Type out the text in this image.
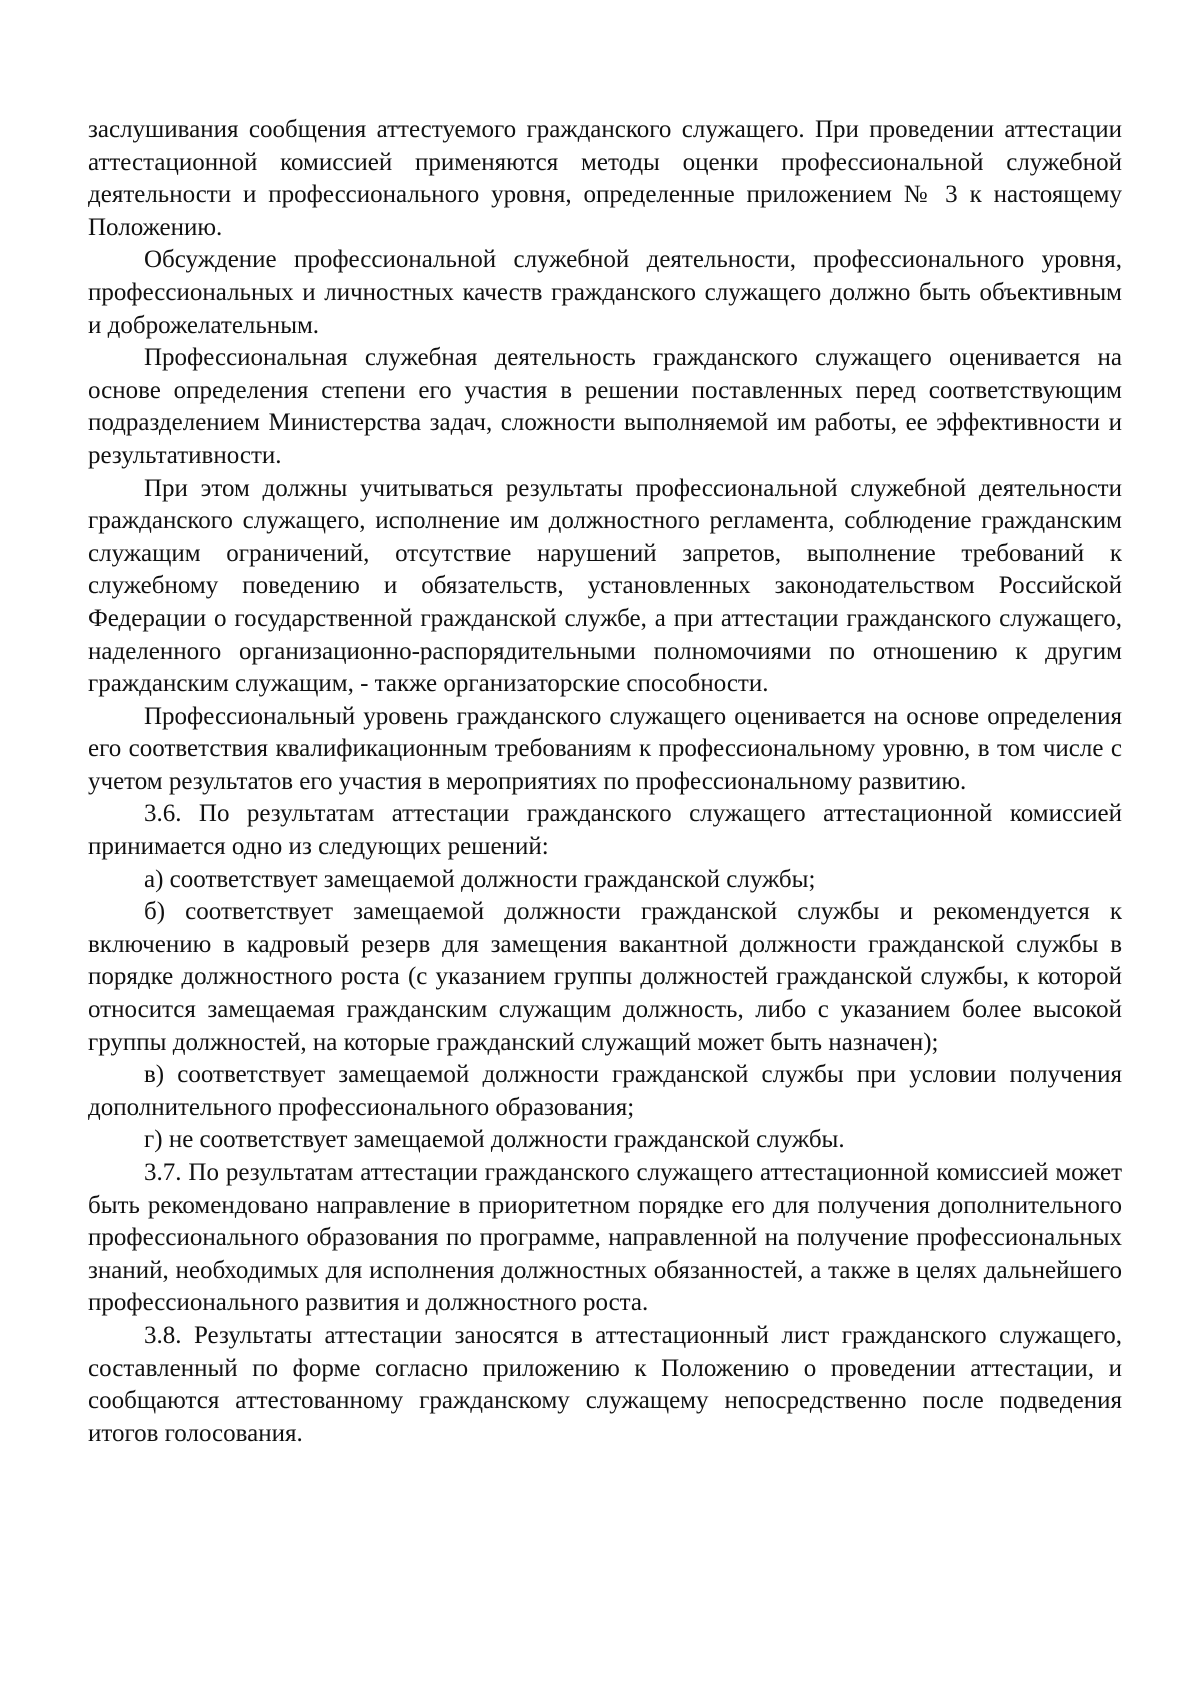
заслушивания сообщения аттестуемого гражданского служащего. При проведении аттестации аттестационной комиссией применяются методы оценки профессиональной служебной деятельности и профессионального уровня, определенные приложением № 3 к настоящему Положению.

Обсуждение профессиональной служебной деятельности, профессионального уровня, профессиональных и личностных качеств гражданского служащего должно быть объективным и доброжелательным.

Профессиональная служебная деятельность гражданского служащего оценивается на основе определения степени его участия в решении поставленных перед соответствующим подразделением Министерства задач, сложности выполняемой им работы, ее эффективности и результативности.

При этом должны учитываться результаты профессиональной служебной деятельности гражданского служащего, исполнение им должностного регламента, соблюдение гражданским служащим ограничений, отсутствие нарушений запретов, выполнение требований к служебному поведению и обязательств, установленных законодательством Российской Федерации о государственной гражданской службе, а при аттестации гражданского служащего, наделенного организационно-распорядительными полномочиями по отношению к другим гражданским служащим, - также организаторские способности.

Профессиональный уровень гражданского служащего оценивается на основе определения его соответствия квалификационным требованиям к профессиональному уровню, в том числе с учетом результатов его участия в мероприятиях по профессиональному развитию.

3.6. По результатам аттестации гражданского служащего аттестационной комиссией принимается одно из следующих решений:

а) соответствует замещаемой должности гражданской службы;

б) соответствует замещаемой должности гражданской службы и рекомендуется к включению в кадровый резерв для замещения вакантной должности гражданской службы в порядке должностного роста (с указанием группы должностей гражданской службы, к которой относится замещаемая гражданским служащим должность, либо с указанием более высокой группы должностей, на которые гражданский служащий может быть назначен);

в) соответствует замещаемой должности гражданской службы при условии получения дополнительного профессионального образования;

г) не соответствует замещаемой должности гражданской службы.

3.7. По результатам аттестации гражданского служащего аттестационной комиссией может быть рекомендовано направление в приоритетном порядке его для получения дополнительного профессионального образования по программе, направленной на получение профессиональных знаний, необходимых для исполнения должностных обязанностей, а также в целях дальнейшего профессионального развития и должностного роста.

3.8. Результаты аттестации заносятся в аттестационный лист гражданского служащего, составленный по форме согласно приложению к Положению о проведении аттестации, и сообщаются аттестованному гражданскому служащему непосредственно после подведения итогов голосования.
